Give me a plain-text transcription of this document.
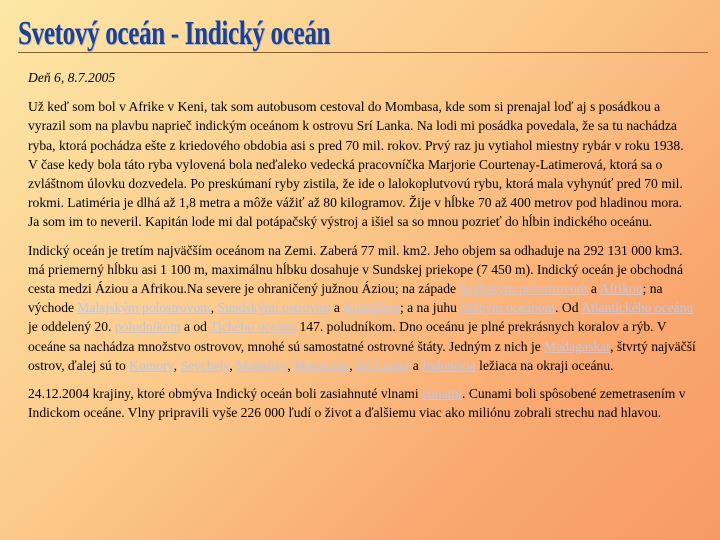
Svetový oceán - Indický oceán

Deň 6, 8.7.2005

Už keď som bol v Afrike v Keni, tak som autobusom cestoval do Mombasa, kde som si prenajal loď aj s posádkou a vyrazil som na plavbu naprieč indickým oceánom k ostrovu Srí Lanka. Na lodi mi posádka povedala, že sa tu nachádza ryba, ktorá pochádza ešte z kriedového obdobia asi s pred 70 mil. rokov. Prvý raz ju vytiahol miestny rybár v roku 1938. V čase kedy bola táto ryba vylovená bola neďaleko vedecká pracovníčka Marjorie Courtenay-Latimerová, ktorá sa o zvláštnom úlovku dozvedela. Po preskúmaní ryby zistila, že ide o lalokoplutvovú rybu, ktorá mala vyhynúť pred 70 mil. rokmi. Latiméria je dlhá až 1,8 metra a môže vážiť až 80 kilogramov. Žije v hĺbke 70 až 400 metrov pod hladinou mora. Ja som im to neveril. Kapitán lode mi dal potápačský výstroj a išiel sa so mnou pozrieť do hĺbin indického oceánu.

Indický oceán je tretím najväčším oceánom na Zemi. Zaberá 77 mil. km2. Jeho objem sa odhaduje na 292 131 000 km3. má priemerný hĺbku asi 1 100 m, maximálnu hĺbku dosahuje v Sundskej priekope (7 450 m). Indický oceán je obchodná cesta medzi Áziou a Afrikou.Na severe je ohraničený južnou Áziou; na západe Arabským polostrovom a Afrikou; na východe Malajským polostrovom, Sundskými ostrovmi a Austráliou; a na juhu Južným oceánom. Od Atlantického oceánu je oddelený 20. poludníkom a od Tichého oceánu 147. poludníkom. Dno oceánu je plné prekrásnych koralov a rýb. V oceáne sa nachádza množstvo ostrovov, mnohé sú samostatné ostrovné štáty. Jedným z nich je Madagaskar, štvrtý najväčší ostrov, ďalej sú to Komory, Seychely, Maledivy, Maurícius, Srí Lanka a Indonézia ležiaca na okraji oceánu.

24.12.2004 krajiny, ktoré obmýva Indický oceán boli zasiahnuté vlnami cunami. Cunami boli spôsobené zemetrasením v Indickom oceáne. Vlny pripravili vyše 226 000 ľudí o život a ďalšiemu viac ako miliónu zobrali strechu nad hlavou.
